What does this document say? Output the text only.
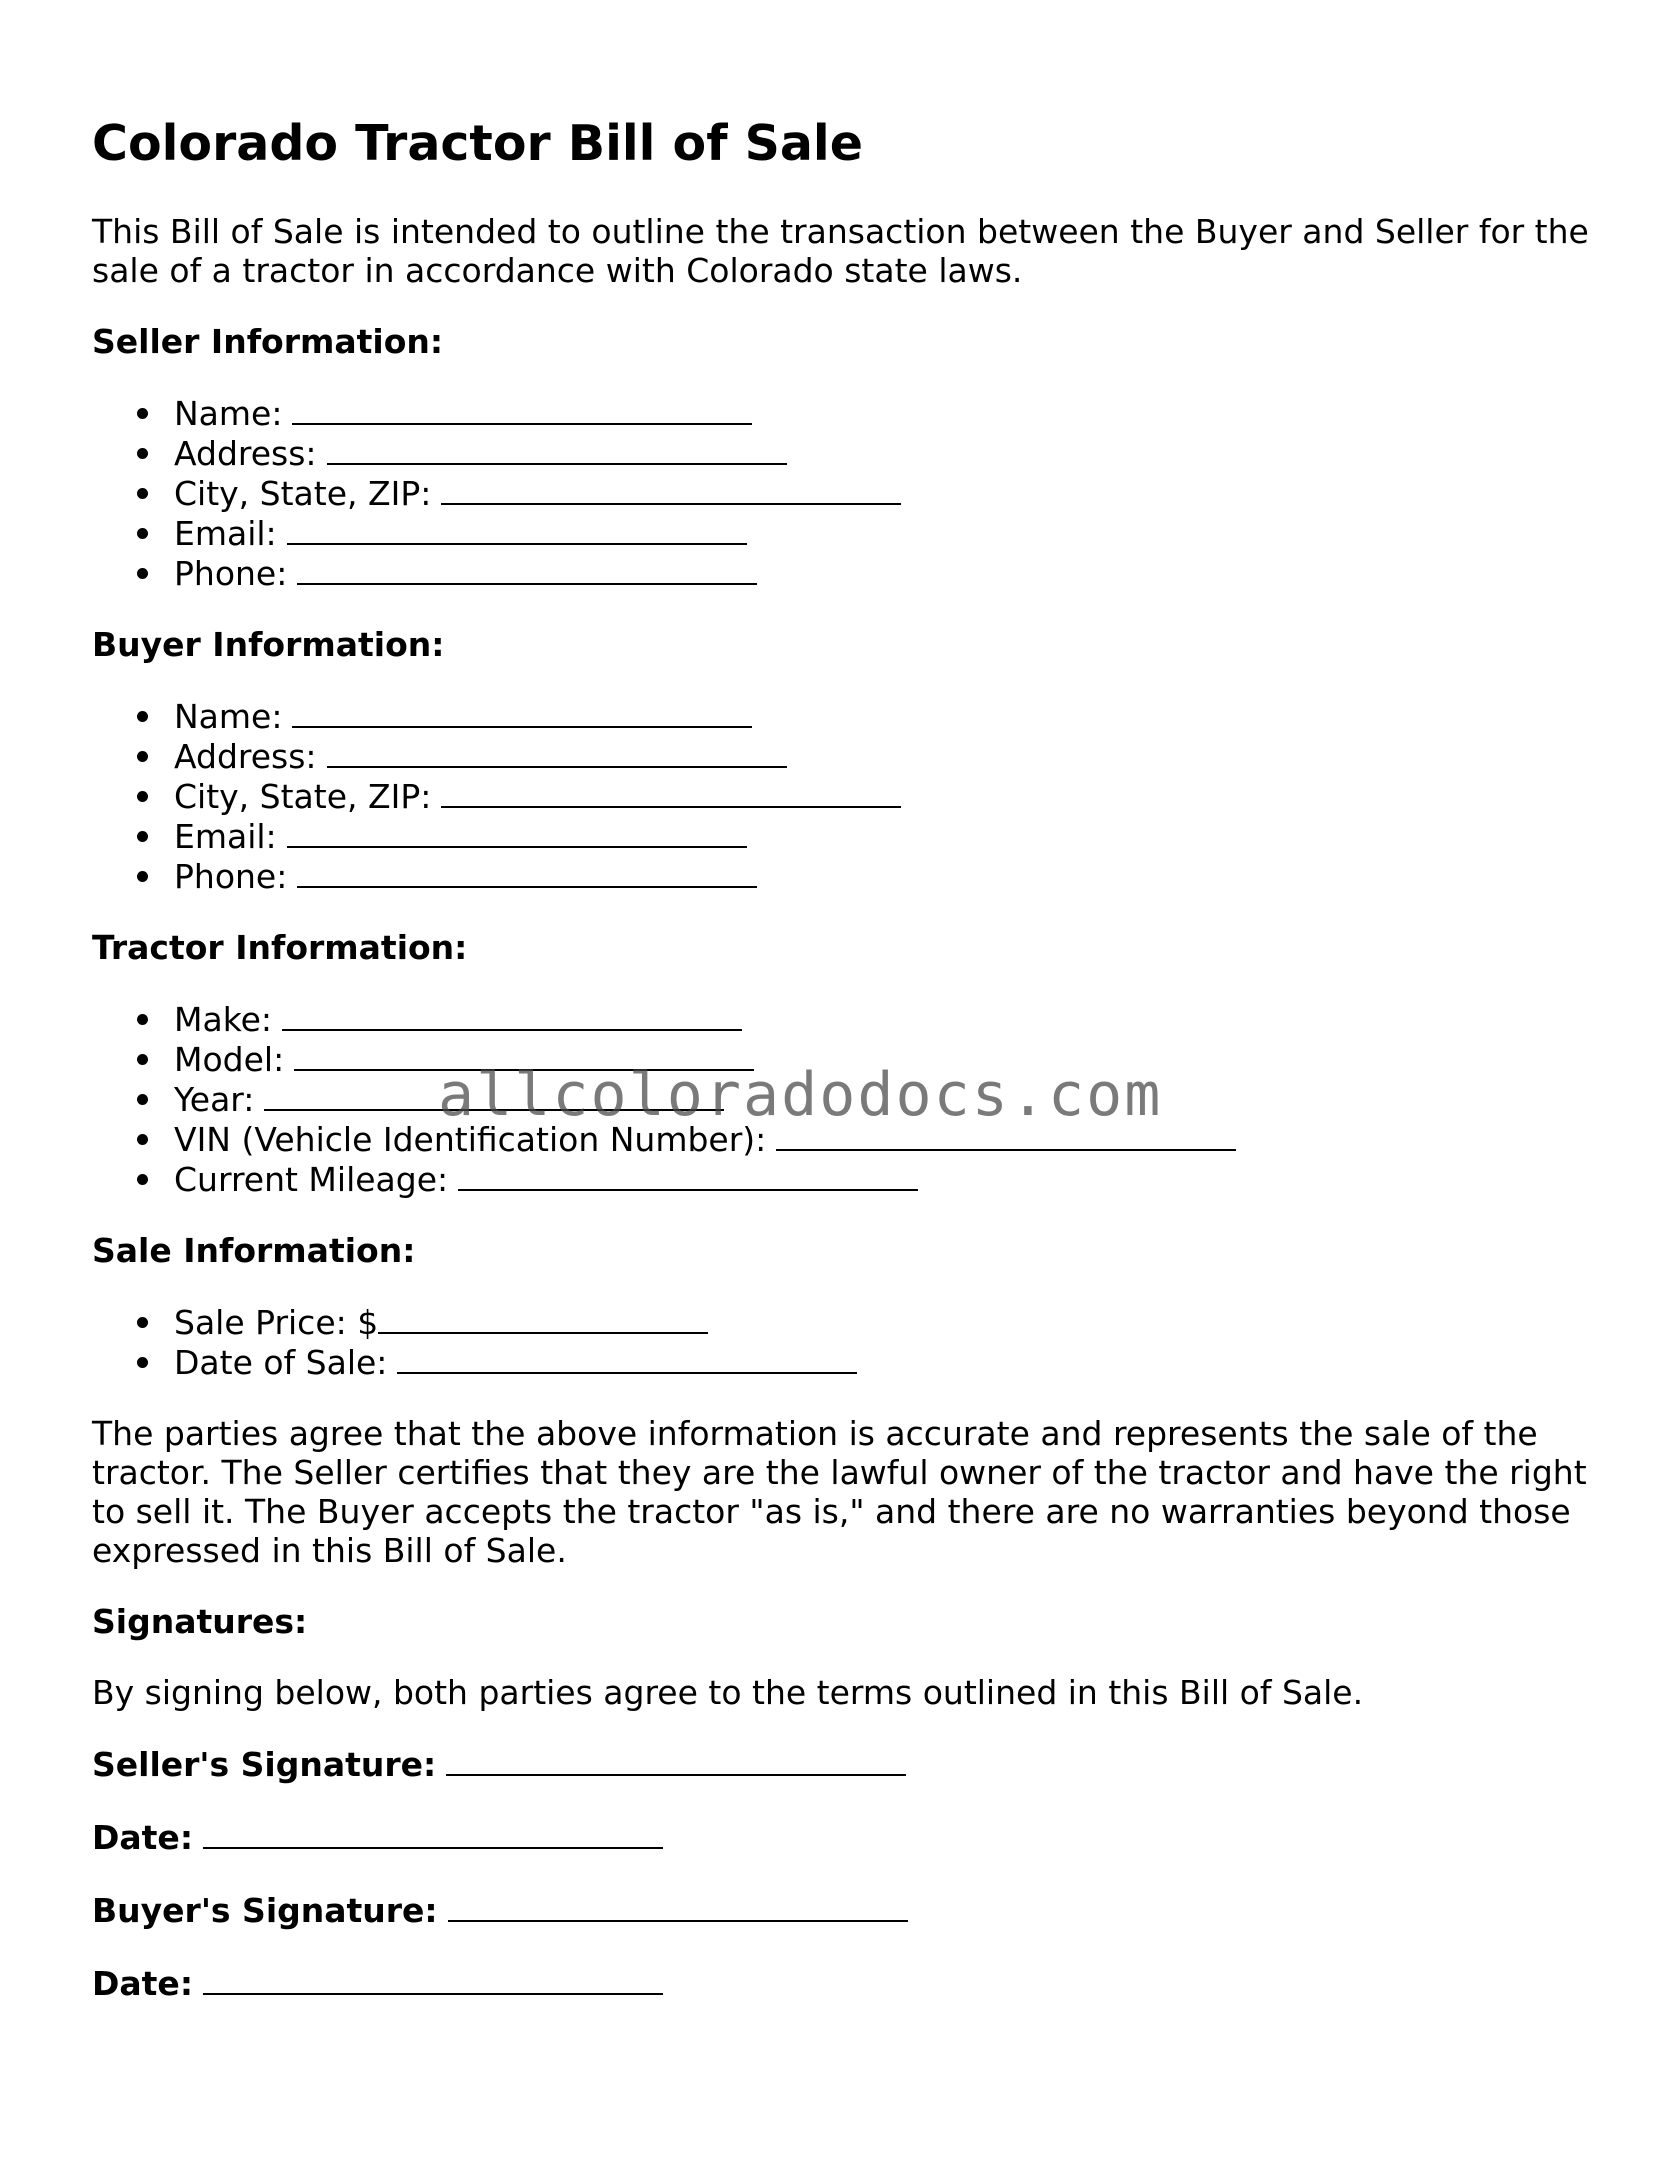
Colorado Tractor Bill of Sale

This Bill of Sale is intended to outline the transaction between the Buyer and Seller for the sale of a tractor in accordance with Colorado state laws.

Seller Information:
Name:
Address:
City, State, ZIP:
Email:
Phone:
Buyer Information:
Name:
Address:
City, State, ZIP:
Email:
Phone:
Tractor Information:
Make:
Model:
Year:
VIN (Vehicle Identification Number):
Current Mileage:
Sale Information:
Sale Price: $
Date of Sale:

The parties agree that the above information is accurate and represents the sale of the tractor. The Seller certifies that they are the lawful owner of the tractor and have the right to sell it. The Buyer accepts the tractor "as is," and there are no warranties beyond those expressed in this Bill of Sale.

Signatures:

By signing below, both parties agree to the terms outlined in this Bill of Sale.

Seller's Signature:
Date:
Buyer's Signature:
Date:
allcoloradodocs.com
